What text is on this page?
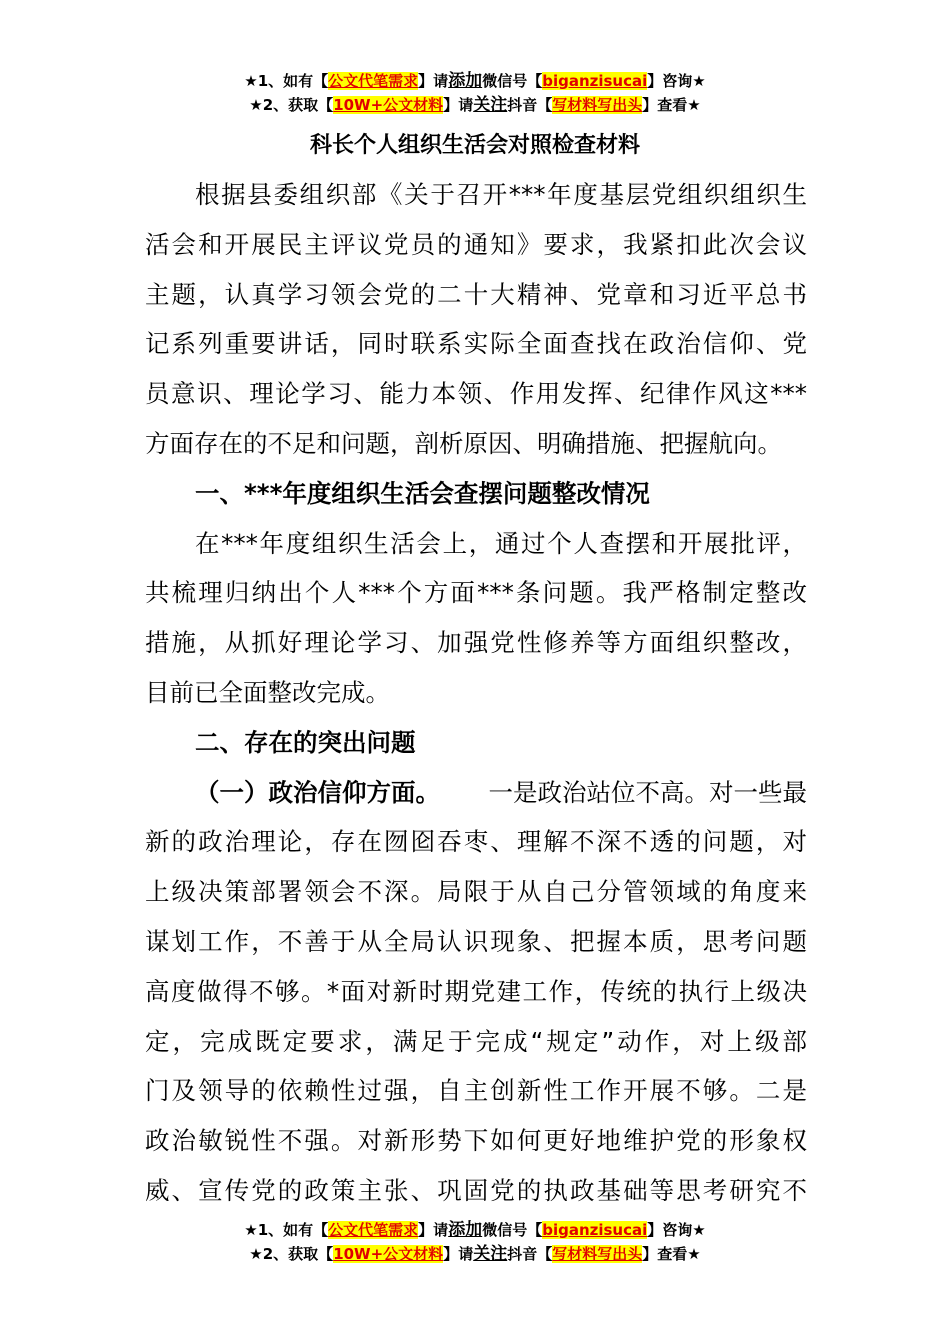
★1、如有【公文代笔需求】请添加微信号【biganzisucai】咨询★
★2、获取【10W+公文材料】请关注抖音【写材料写出头】查看★
科长个人组织生活会对照检查材料
根据县委组织部《关于召开***年度基层党组织组织生
活会和开展民主评议党员的通知》要求，我紧扣此次会议
主题，认真学习领会党的二十大精神、党章和习近平总书
记系列重要讲话，同时联系实际全面查找在政治信仰、党
员意识、理论学习、能力本领、作用发挥、纪律作风这***
方面存在的不足和问题，剖析原因、明确措施、把握航向。
一、***年度组织生活会查摆问题整改情况
在***年度组织生活会上，通过个人查摆和开展批评，
共梳理归纳出个人***个方面***条问题。我严格制定整改
措施，从抓好理论学习、加强党性修养等方面组织整改，
目前已全面整改完成。
二、存在的突出问题
（一）政治信仰方面。 一是政治站位不高。对一些最
新的政治理论，存在囫囵吞枣、理解不深不透的问题，对
上级决策部署领会不深。局限于从自己分管领域的角度来
谋划工作，不善于从全局认识现象、把握本质，思考问题
高度做得不够。*面对新时期党建工作，传统的执行上级决
定，完成既定要求，满足于完成“规定”动作，对上级部
门及领导的依赖性过强，自主创新性工作开展不够。二是
政治敏锐性不强。对新形势下如何更好地维护党的形象权
威、宣传党的政策主张、巩固党的执政基础等思考研究不
★1、如有【公文代笔需求】请添加微信号【biganzisucai】咨询★
★2、获取【10W+公文材料】请关注抖音【写材料写出头】查看★
